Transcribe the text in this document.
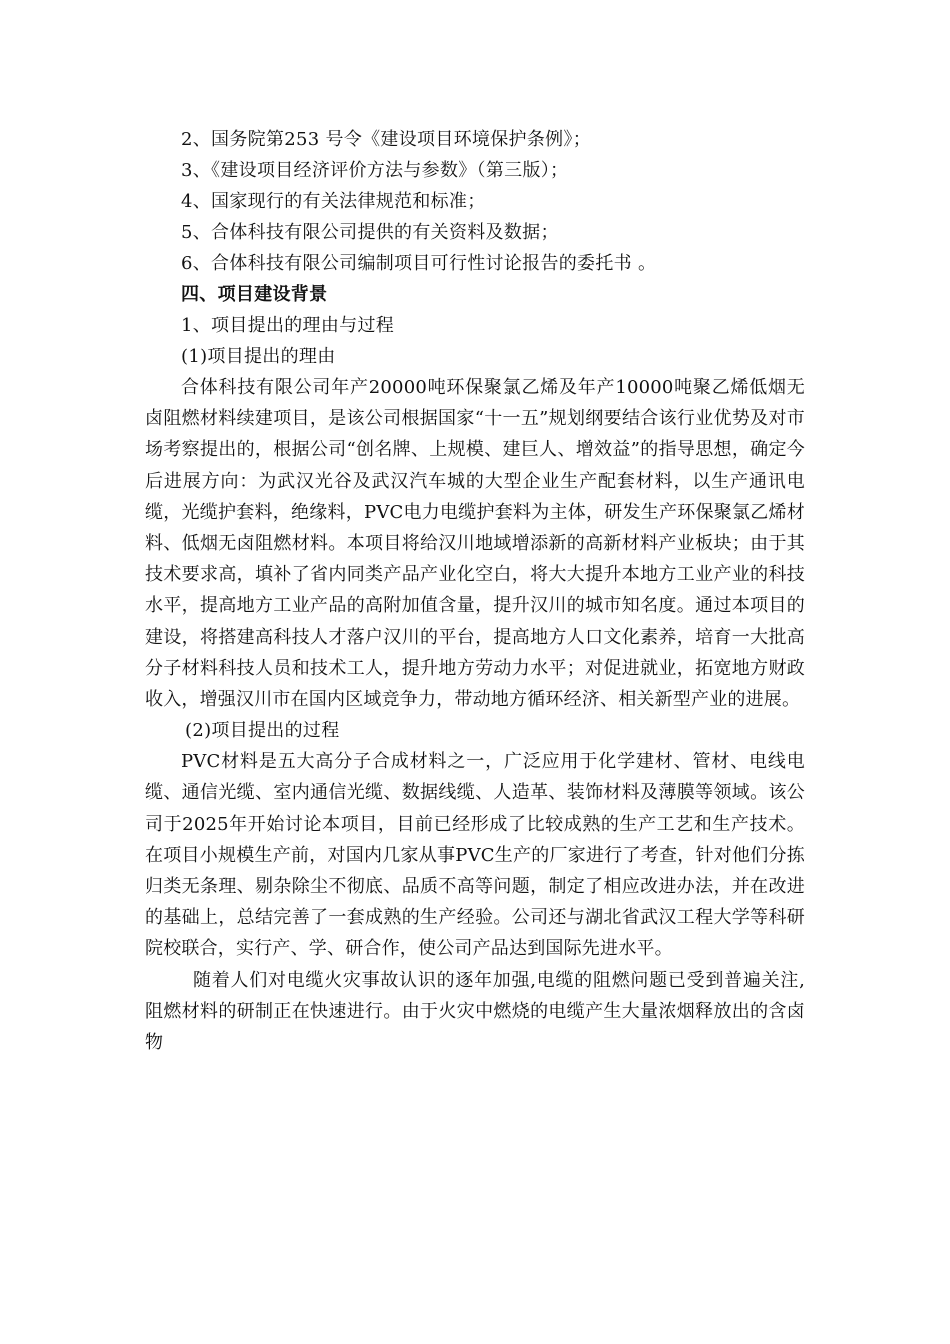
2、国务院第253 号令《建设项目环境保护条例》；
3、《建设项目经济评价方法与参数》（第三版）；
4、国家现行的有关法律规范和标准；
5、合体科技有限公司提供的有关资料及数据；
6、合体科技有限公司编制项目可行性讨论报告的委托书 。
四、项目建设背景
1、项目提出的理由与过程
(1)项目提出的理由

合体科技有限公司年产20000吨环保聚氯乙烯及年产10000吨聚乙烯低烟无卤阻燃材料续建项目，是该公司根据国家“十一五”规划纲要结合该行业优势及对市场考察提出的，根据公司“创名牌、上规模、建巨人、增效益”的指导思想，确定今后进展方向：为武汉光谷及武汉汽车城的大型企业生产配套材料，以生产通讯电缆，光缆护套料，绝缘料，PVC电力电缆护套料为主体，研发生产环保聚氯乙烯材料、低烟无卤阻燃材料。本项目将给汉川地域增添新的高新材料产业板块；由于其技术要求高，填补了省内同类产品产业化空白，将大大提升本地方工业产业的科技水平，提高地方工业产品的高附加值含量，提升汉川的城市知名度。通过本项目的建设，将搭建高科技人才落户汉川的平台，提高地方人口文化素养，培育一大批高分子材料科技人员和技术工人，提升地方劳动力水平；对促进就业，拓宽地方财政收入，增强汉川市在国内区域竞争力，带动地方循环经济、相关新型产业的进展。

(2)项目提出的过程

PVC材料是五大高分子合成材料之一，广泛应用于化学建材、管材、电线电缆、通信光缆、室内通信光缆、数据线缆、人造革、装饰材料及薄膜等领域。该公司于2025年开始讨论本项目，目前已经形成了比较成熟的生产工艺和生产技术。在项目小规模生产前，对国内几家从事PVC生产的厂家进行了考查，针对他们分拣归类无条理、剔杂除尘不彻底、品质不高等问题，制定了相应改进办法，并在改进的基础上，总结完善了一套成熟的生产经验。公司还与湖北省武汉工程大学等科研院校联合，实行产、学、研合作，使公司产品达到国际先进水平。

随着人们对电缆火灾事故认识的逐年加强,电缆的阻燃问题已受到普遍关注,阻燃材料的研制正在快速进行。由于火灾中燃烧的电缆产生大量浓烟释放出的含卤物
